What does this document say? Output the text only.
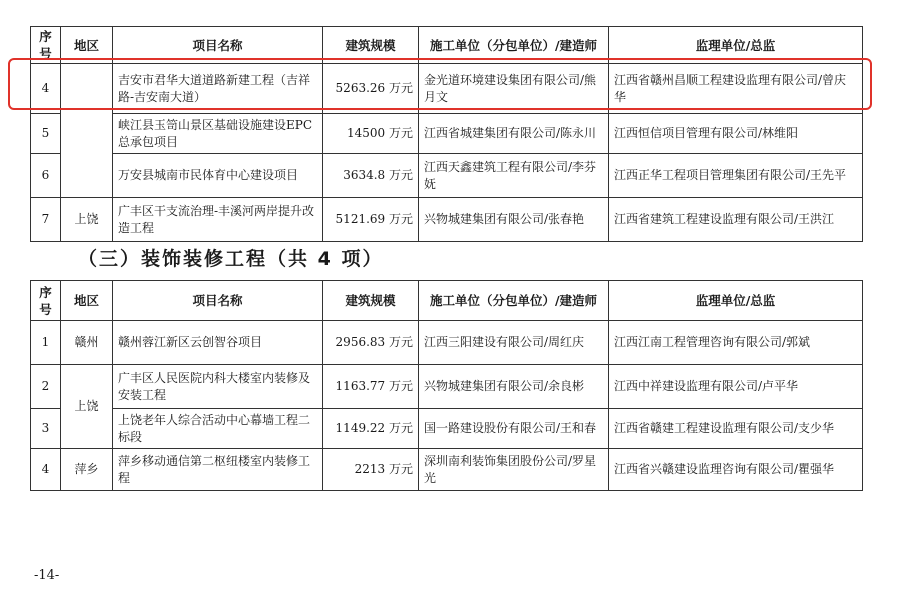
序号	地区	项目名称	建筑规模	施工单位（分包单位）/建造师	监理单位/总监
4		吉安市君华大道道路新建工程（吉祥路-吉安南大道）	5263.26 万元	金光道环境建设集团有限公司/熊月文	江西省赣州昌顺工程建设监理有限公司/曾庆华
5		峡江县玉笥山景区基础设施建设EPC总承包项目	14500 万元	江西省城建集团有限公司/陈永川	江西恒信项目管理有限公司/林维阳
6		万安县城南市民体育中心建设项目	3634.8 万元	江西天鑫建筑工程有限公司/李芬妩	江西正华工程项目管理集团有限公司/王先平
7	上饶	广丰区干支流治理-丰溪河两岸提升改造工程	5121.69 万元	兴物城建集团有限公司/张春艳	江西省建筑工程建设监理有限公司/王洪江
（三）装饰装修工程（共 4 项）
序号	地区	项目名称	建筑规模	施工单位（分包单位）/建造师	监理单位/总监
1	赣州	赣州蓉江新区云创智谷项目	2956.83 万元	江西三阳建设有限公司/周红庆	江西江南工程管理咨询有限公司/郭斌
2	上饶	广丰区人民医院内科大楼室内装修及安装工程	1163.77 万元	兴物城建集团有限公司/余良彬	江西中祥建设监理有限公司/卢平华
3		上饶老年人综合活动中心幕墙工程二标段	1149.22 万元	国一路建设股份有限公司/王和春	江西省赣建工程建设监理有限公司/支少华
4	萍乡	萍乡移动通信第二枢纽楼室内装修工程	2213 万元	深圳南利装饰集团股份公司/罗星光	江西省兴赣建设监理咨询有限公司/瞿强华
-14-
